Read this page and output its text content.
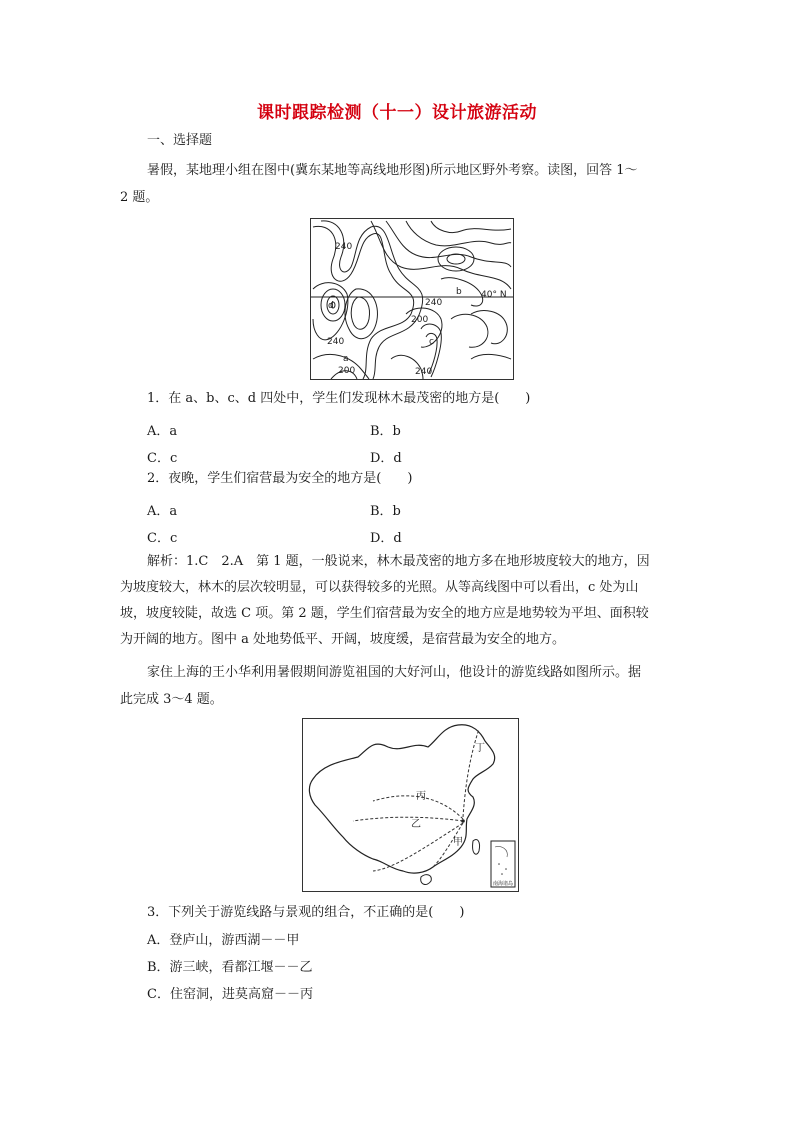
课时跟踪检测（十一）设计旅游活动
一、选择题
暑假，某地理小组在图中(冀东某地等高线地形图)所示地区野外考察。读图，回答 1～
2 题。
240
b 40° N
240
d
200
240	c
a
200	240
1．在 a、b、c、d 四处中，学生们发现林木最茂密的地方是(　　)
A．a	B．b
C．c	D．d
2．夜晚，学生们宿营最为安全的地方是(　　)
A．a	B．b
C．c	D．d
解析：1.C　2.A　第 1 题，一般说来，林木最茂密的地方多在地形坡度较大的地方，因
为坡度较大，林木的层次较明显，可以获得较多的光照。从等高线图中可以看出，c 处为山
坡，坡度较陡，故选 C 项。第 2 题，学生们宿营最为安全的地方应是地势较为平坦、面积较
为开阔的地方。图中 a 处地势低平、开阔，坡度缓，是宿营最为安全的地方。
家住上海的王小华利用暑假期间游览祖国的大好河山，他设计的游览线路如图所示。据
此完成 3～4 题。
丁
丙
乙
甲
南海诸岛
3．下列关于游览线路与景观的组合，不正确的是(　　)
A．登庐山，游西湖－－甲
B．游三峡，看都江堰－－乙
C．住窑洞，进莫高窟－－丙
